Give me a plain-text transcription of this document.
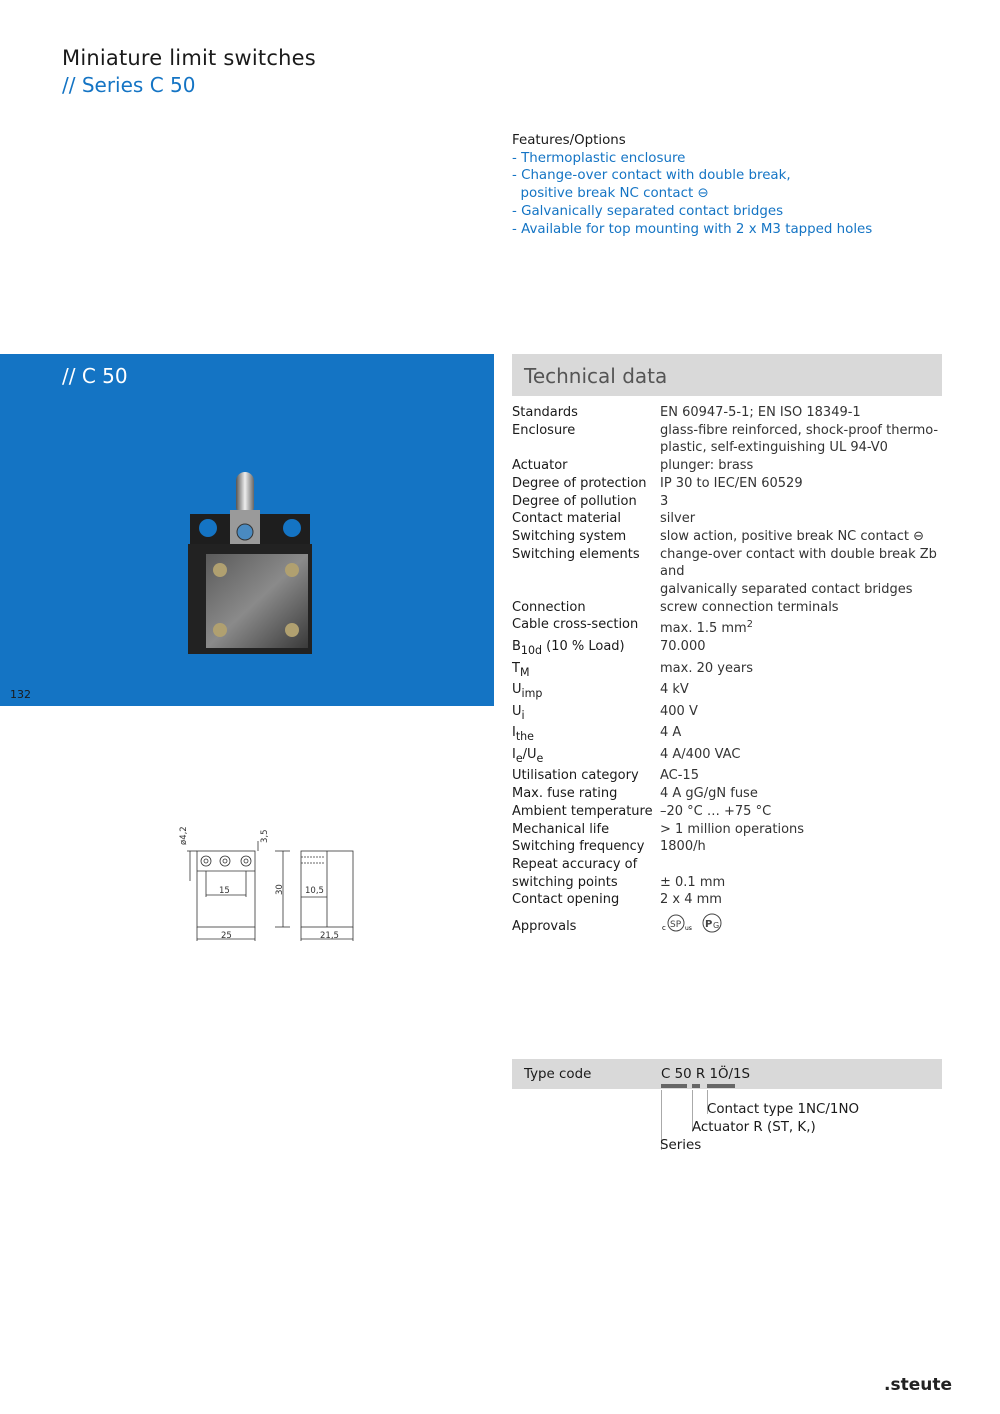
Miniature limit switches
// Series C 50
Features/Options
- Thermoplastic enclosure
- Change-over contact with double break,
positive break NC contact ⊖
- Galvanically separated contact bridges
- Available for top mounting with 2 x M3 tapped holes
// C 50
132
Technical data
Standards	EN 60947-5-1; EN ISO 18349-1
Enclosure	glass-fibre reinforced, shock-proof thermo-
	plastic, self-extinguishing UL 94-V0
Actuator	plunger: brass
Degree of protection	IP 30 to IEC/EN 60529
Degree of pollution	3
Contact material	silver
Switching system	slow action, positive break NC contact ⊖
Switching elements	change-over contact with double break Zb and
	galvanically separated contact bridges
Connection	screw connection terminals
Cable cross-section	max. 1.5 $mm^2$
B10d (10 % Load)	70.000
TM	max. 20 years
Uimp	4 kV
Ui	400 V
Ithe	4 A
Ie/Ue	4 A/400 VAC
Utilisation category	AC-15
Max. fuse rating	4 A gG/gN fuse
Ambient temperature	–20 °C … +75 °C
Mechanical life	> 1 million operations
Switching frequency	1800/h
Repeat accuracy of	
switching points	± 0.1 mm
Contact opening	2 x 4 mm
Approvals	c SP us P G
ø4,2	3,5
15	30 10,5
25	21,5
Type code	C 50 R 1Ö/1S
Contact type 1NC/1NO
Actuator R (ST, K,)
Series
.steute
